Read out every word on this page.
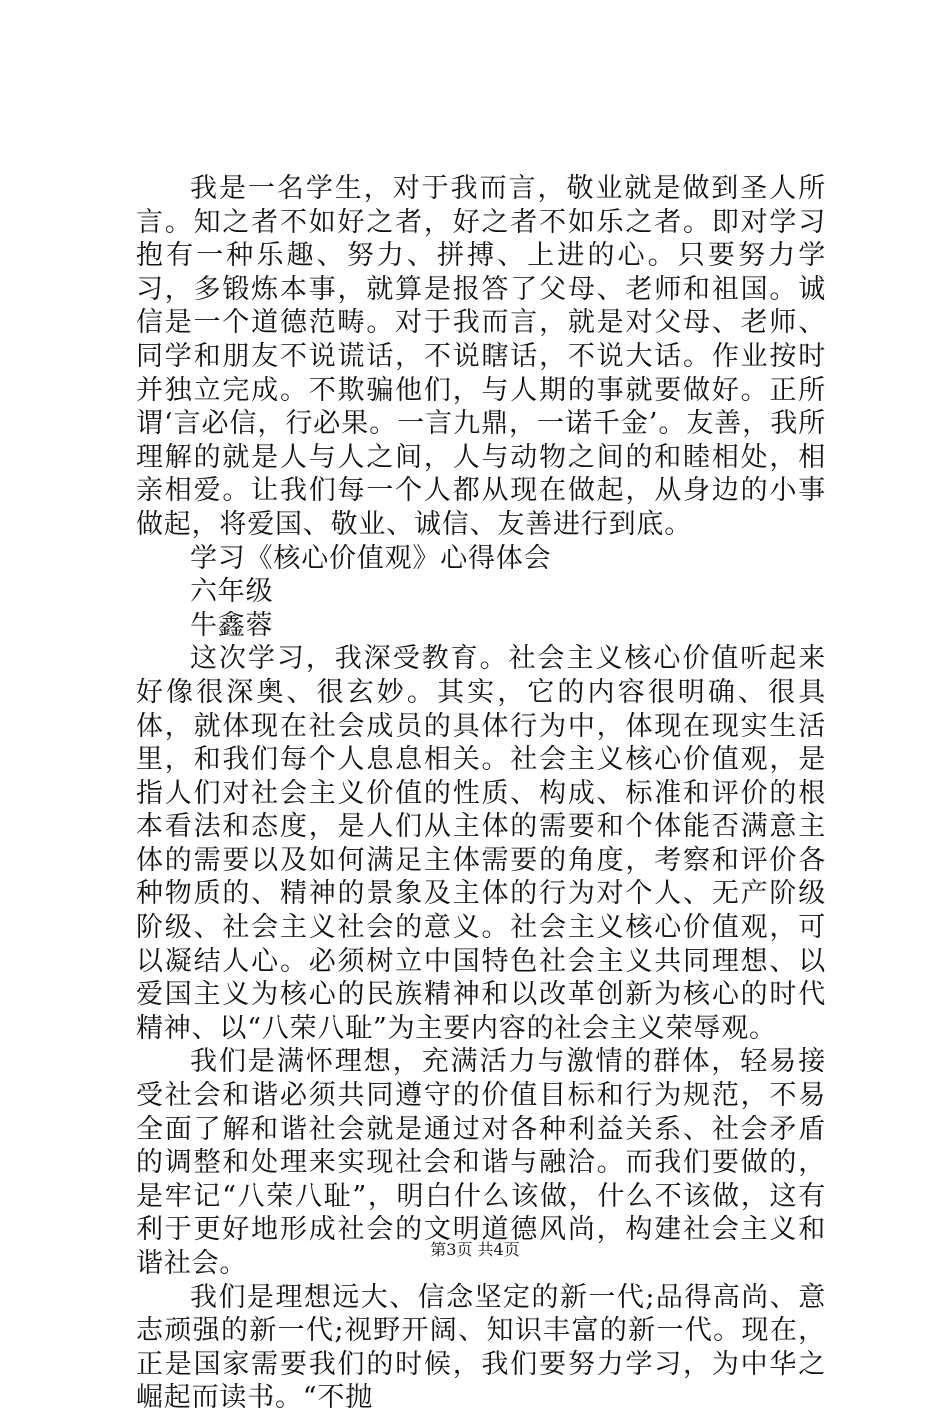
我是一名学生，对于我而言，敬业就是做到圣人所言。知之者不如好之者，好之者不如乐之者。即对学习抱有一种乐趣、努力、拼搏、上进的心。只要努力学习，多锻炼本事，就算是报答了父母、老师和祖国。诚信是一个道德范畴。对于我而言，就是对父母、老师、同学和朋友不说谎话，不说瞎话，不说大话。作业按时并独立完成。不欺骗他们，与人期的事就要做好。正所谓‘言必信，行必果。一言九鼎，一诺千金’。友善，我所理解的就是人与人之间，人与动物之间的和睦相处，相亲相爱。让我们每一个人都从现在做起，从身边的小事做起，将爱国、敬业、诚信、友善进行到底。

学习《核心价值观》心得体会

六年级

牛鑫蓉

这次学习，我深受教育。社会主义核心价值听起来好像很深奥、很玄妙。其实，它的内容很明确、很具体，就体现在社会成员的具体行为中，体现在现实生活里，和我们每个人息息相关。社会主义核心价值观，是指人们对社会主义价值的性质、构成、标准和评价的根本看法和态度，是人们从主体的需要和个体能否满意主体的需要以及如何满足主体需要的角度，考察和评价各种物质的、精神的景象及主体的行为对个人、无产阶级阶级、社会主义社会的意义。社会主义核心价值观，可以凝结人心。必须树立中国特色社会主义共同理想、以爱国主义为核心的民族精神和以改革创新为核心的时代精神、以“八荣八耻”为主要内容的社会主义荣辱观。

我们是满怀理想，充满活力与激情的群体，轻易接受社会和谐必须共同遵守的价值目标和行为规范，不易全面了解和谐社会就是通过对各种利益关系、社会矛盾的调整和处理来实现社会和谐与融洽。而我们要做的，是牢记“八荣八耻”，明白什么该做，什么不该做，这有利于更好地形成社会的文明道德风尚，构建社会主义和谐社会。

我们是理想远大、信念坚定的新一代;品得高尚、意志顽强的新一代;视野开阔、知识丰富的新一代。现在，正是国家需要我们的时候，我们要努力学习，为中华之崛起而读书。“不抛

第3页 共4页
